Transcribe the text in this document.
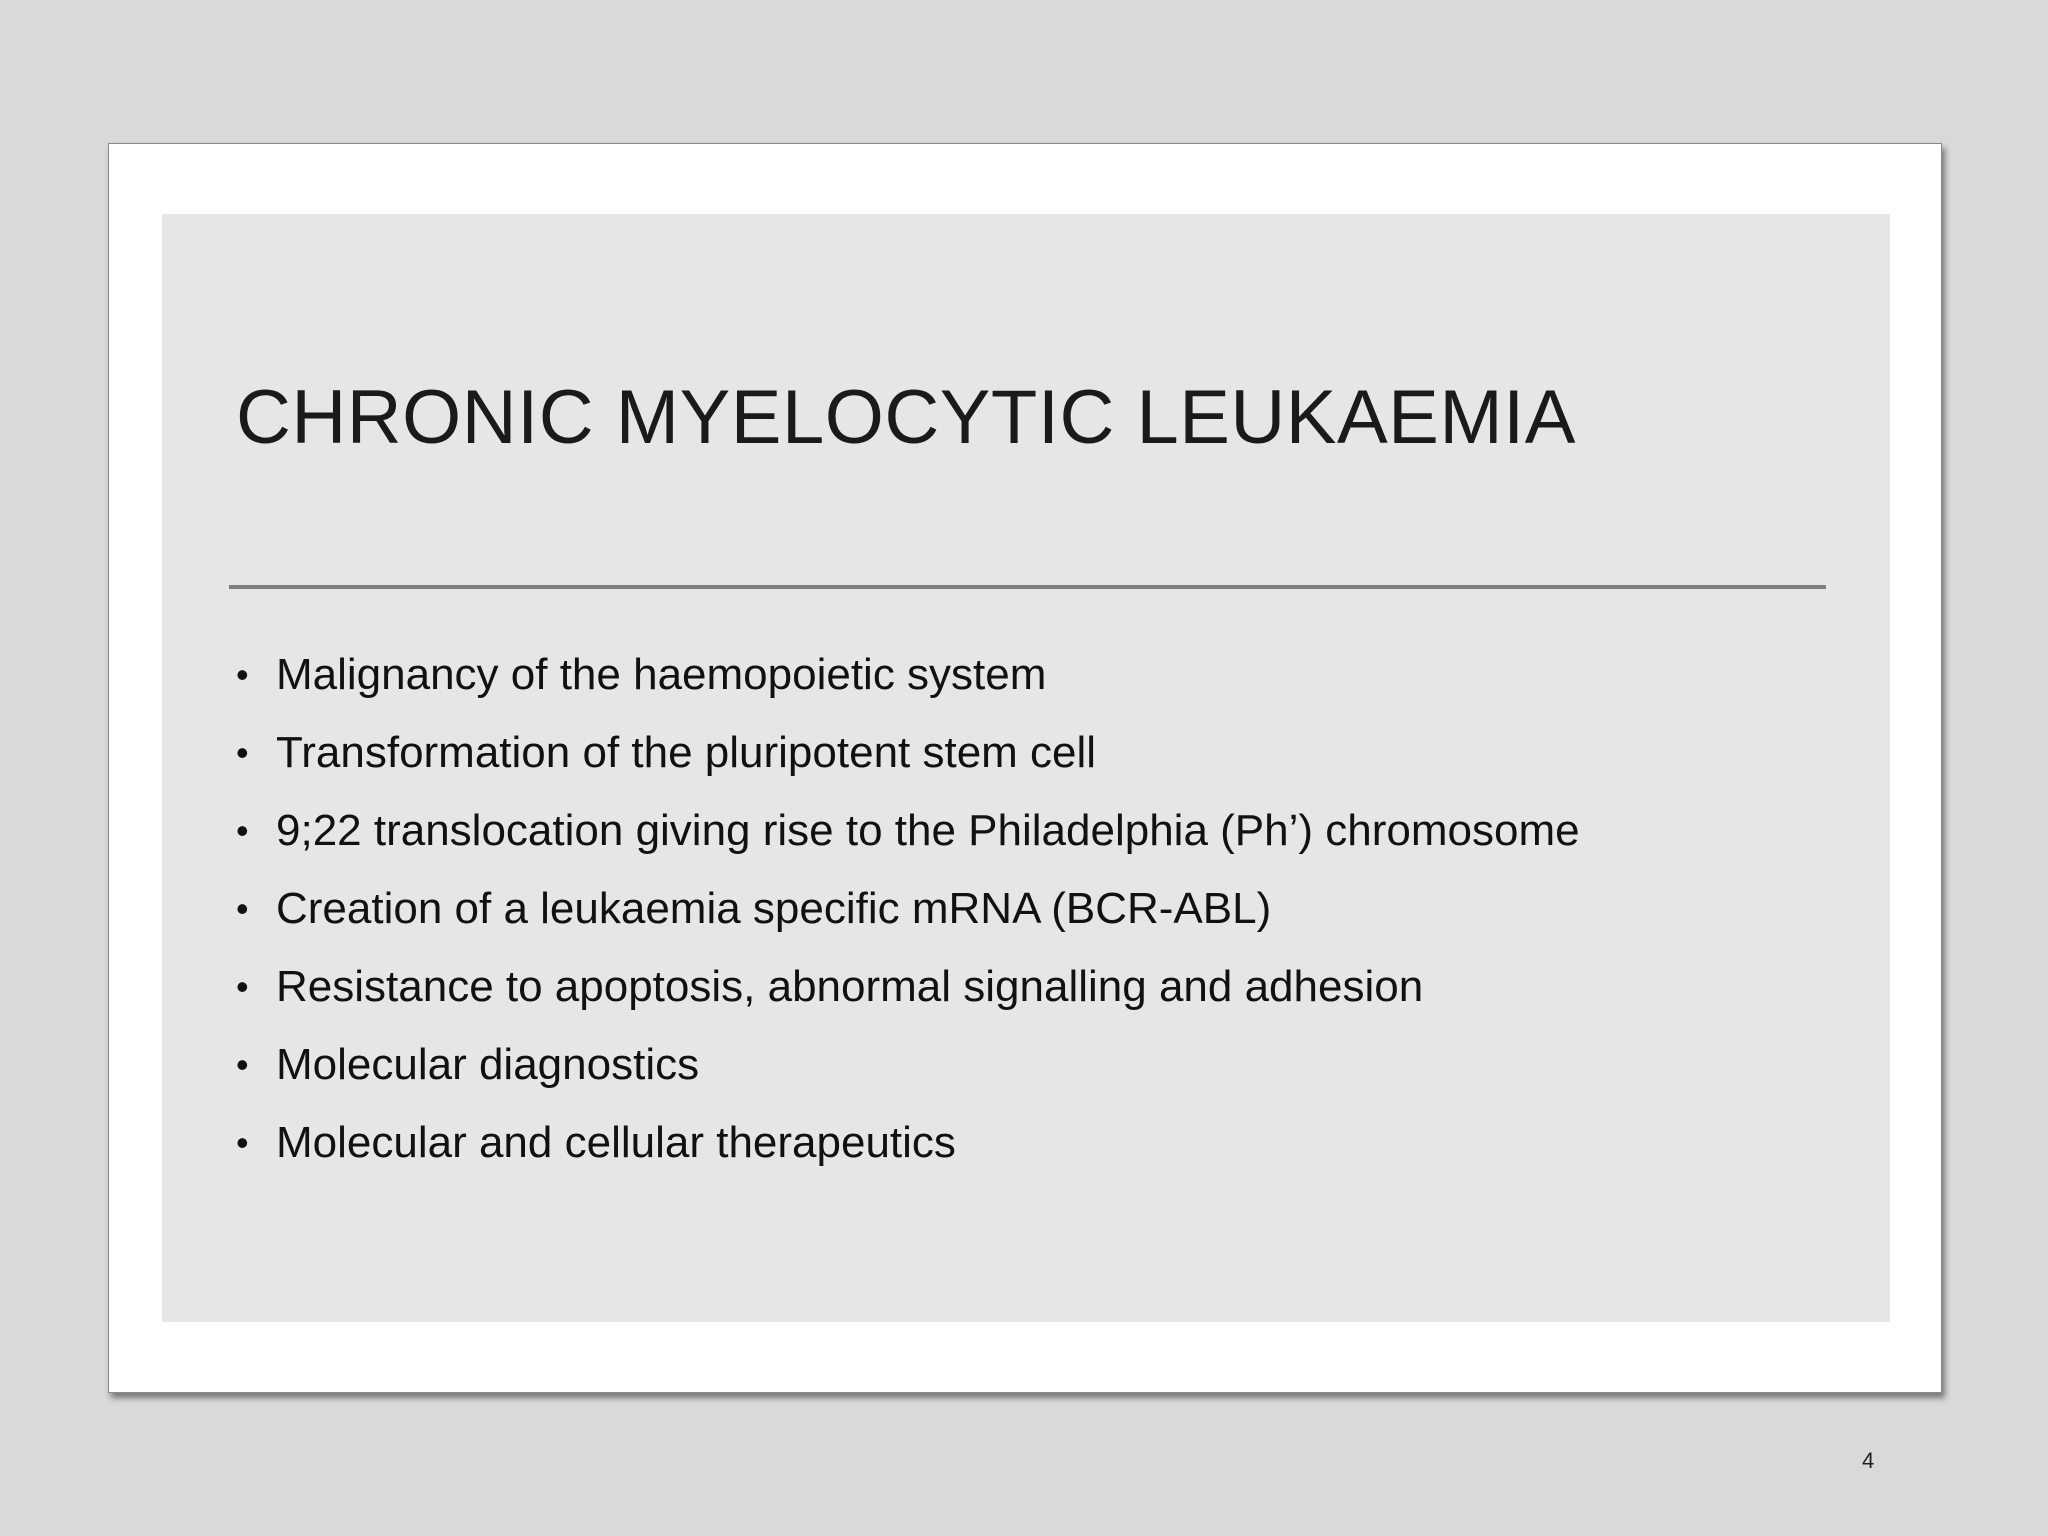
CHRONIC MYELOCYTIC LEUKAEMIA
• Malignancy of the haemopoietic system
• Transformation of the pluripotent stem cell
• 9;22 translocation giving rise to the Philadelphia (Ph’) chromosome
• Creation of a leukaemia specific mRNA (BCR-ABL)
• Resistance to apoptosis, abnormal signalling and adhesion
• Molecular diagnostics
• Molecular and cellular therapeutics
4
